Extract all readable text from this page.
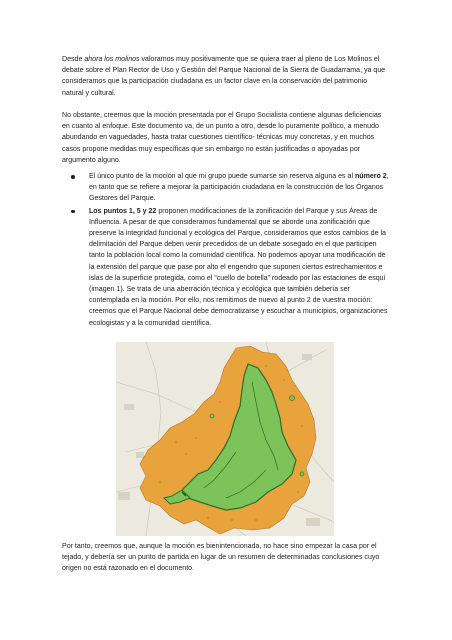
Desde ahora los molinos valoramos muy positivamente que se quiera traer al pleno de Los Molinos el debate sobre el Plan Rector de Uso y Gestión del Parque Nacional de la Sierra de Guadarrama, ya que consideramos que la participación ciudadana es un factor clave en la conservación del patrimonio natural y cultural.

No obstante, creemos que la moción presentada por el Grupo Socialista contiene algunas deficiencias en cuanto al enfoque. Este documento va, de un punto a otro, desde lo puramente político, a menudo abundando en vaguedades, hasta tratar cuestiones científico- técnicas muy concretas, y en muchos casos propone medidas muy específicas que sin embargo no están justificadas o apoyadas por argumento alguno.

El único punto de la moción al que mi grupo puede sumarse sin reserva alguna es al número 2, en tanto que se refiere a mejorar la participación ciudadana en la construcción de los Órganos Gestores del Parque.
Los puntos 1, 5 y 22 proponen modificaciones de la zonificación del Parque y sus Áreas de Influencia. A pesar de que consideramos fundamental que se aborde una zonificación que preserve la integridad funcional y ecológica del Parque, consideramos que estos cambios de la delimitación del Parque deben venir precedidos de un debate sosegado en el que participen tanto la población local como la comunidad científica. No podemos apoyar una modificación de la extensión del parque que pase por alto el engendro que suponen ciertos estrechamientos e islas de la superficie protegida, como el “cuello de botella” rodeado por las estaciones de esquí (imagen 1). Se trata de una aberración técnica y ecológica que también debería ser contemplada en la moción. Por ello, nos remitimos de nuevo al punto 2 de vuestra moción: creemos que el Parque Nacional debe democratizarse y escuchar a municipios, organizaciones ecologistas y a la comunidad científica.

Por tanto, creemos que, aunque la moción es bienintencionada, no hace sino empezar la casa por el tejado, y debería ser un punto de partida en lugar de un resumen de determinadas conclusiones cuyo origen no está razonado en el documento.
